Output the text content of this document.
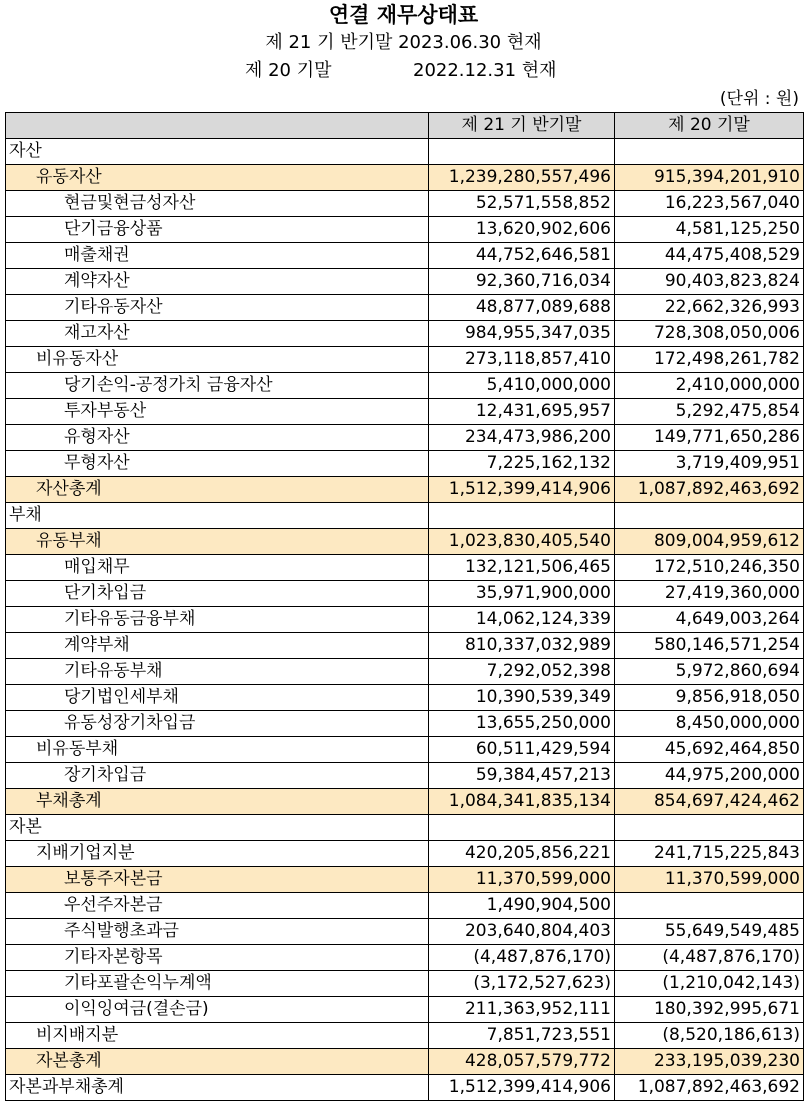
연결 재무상태표
제 21 기 반기말 2023.06.30 현재
제 20 기말	2022.12.31 현재
(단위 : 원)
	제 21 기 반기말	제 20 기말
자산		
유동자산	1,239,280,557,496	915,394,201,910
현금및현금성자산	52,571,558,852	16,223,567,040
단기금융상품	13,620,902,606	4,581,125,250
매출채권	44,752,646,581	44,475,408,529
계약자산	92,360,716,034	90,403,823,824
기타유동자산	48,877,089,688	22,662,326,993
재고자산	984,955,347,035	728,308,050,006
비유동자산	273,118,857,410	172,498,261,782
당기손익-공정가치 금융자산	5,410,000,000	2,410,000,000
투자부동산	12,431,695,957	5,292,475,854
유형자산	234,473,986,200	149,771,650,286
무형자산	7,225,162,132	3,719,409,951
자산총계	1,512,399,414,906	1,087,892,463,692
부채		
유동부채	1,023,830,405,540	809,004,959,612
매입채무	132,121,506,465	172,510,246,350
단기차입금	35,971,900,000	27,419,360,000
기타유동금융부채	14,062,124,339	4,649,003,264
계약부채	810,337,032,989	580,146,571,254
기타유동부채	7,292,052,398	5,972,860,694
당기법인세부채	10,390,539,349	9,856,918,050
유동성장기차입금	13,655,250,000	8,450,000,000
비유동부채	60,511,429,594	45,692,464,850
장기차입금	59,384,457,213	44,975,200,000
부채총계	1,084,341,835,134	854,697,424,462
자본		
지배기업지분	420,205,856,221	241,715,225,843
보통주자본금	11,370,599,000	11,370,599,000
우선주자본금	1,490,904,500	
주식발행초과금	203,640,804,403	55,649,549,485
기타자본항목	(4,487,876,170)	(4,487,876,170)
기타포괄손익누계액	(3,172,527,623)	(1,210,042,143)
이익잉여금(결손금)	211,363,952,111	180,392,995,671
비지배지분	7,851,723,551	(8,520,186,613)
자본총계	428,057,579,772	233,195,039,230
자본과부채총계	1,512,399,414,906	1,087,892,463,692
